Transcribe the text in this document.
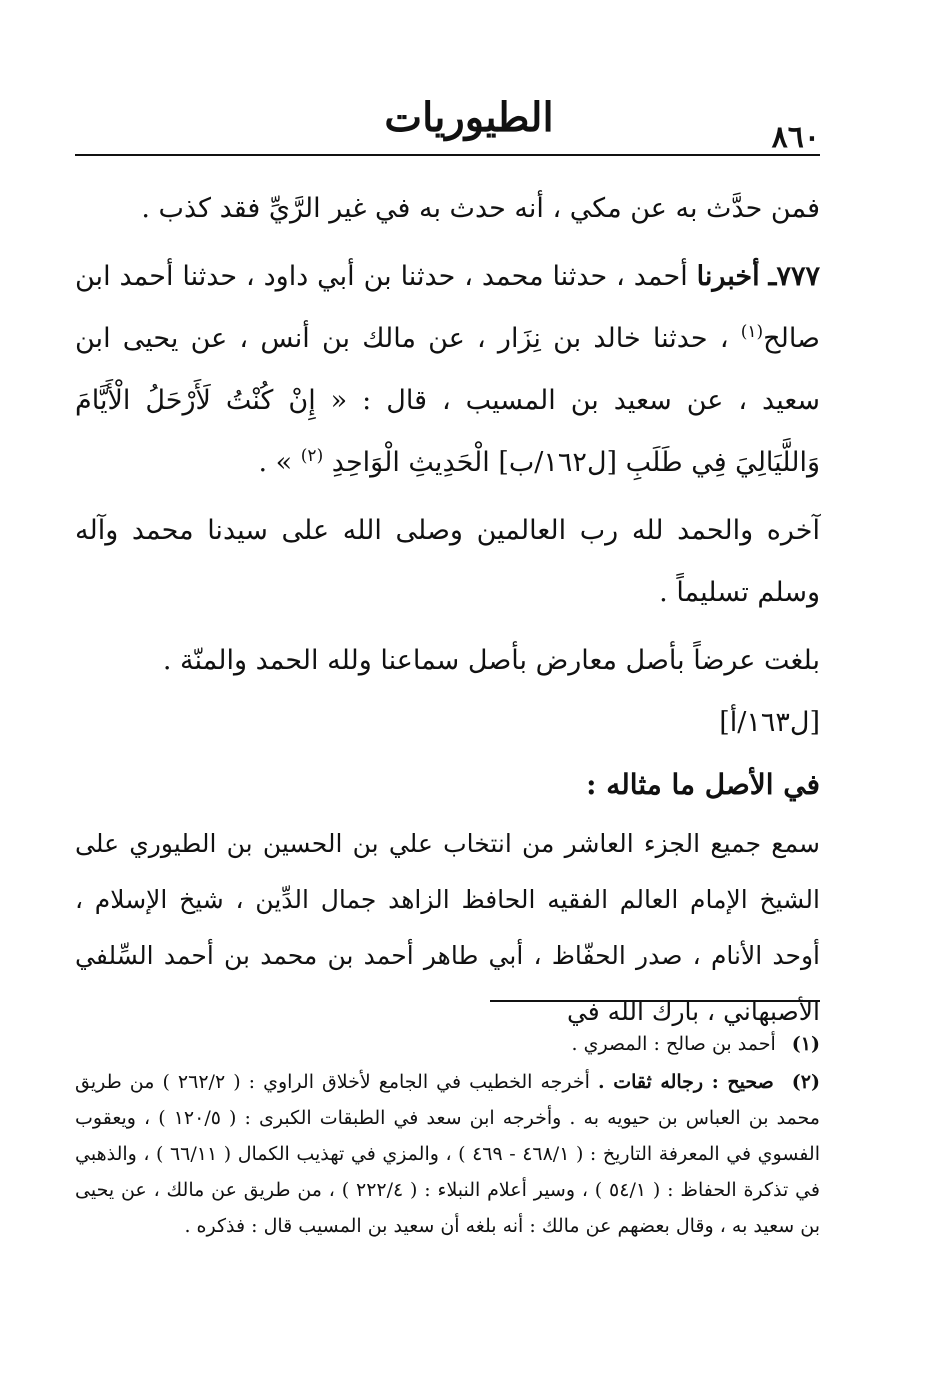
٨٦٠
الطيوريات

فمن حدَّث به عن مكي ، أنه حدث به في غير الرَّيِّ فقد كذب .

٧٧٧ـ أخبرنا أحمد ، حدثنا محمد ، حدثنا بن أبي داود ، حدثنا أحمد ابن صالح$^{(١)}$ ، حدثنا خالد بن نِزَار ، عن مالك بن أنس ، عن يحيى ابن سعيد ، عن سعيد بن المسيب ، قال : « إِنْ كُنْتُ لَأَرْحَلُ الْأَيَّامَ وَاللَّيَالِيَ فِي طَلَبِ [ل١٦٢/ب] الْحَدِيثِ الْوَاحِدِ $^{(٢)}$ » .

آخره والحمد لله رب العالمين وصلى الله على سيدنا محمد وآله وسلم تسليماً .

بلغت عرضاً بأصل معارض بأصل سماعنا ولله الحمد والمنّة .

[ل١٦٣/أ]

في الأصل ما مثاله :

سمع جميع الجزء العاشر من انتخاب علي بن الحسين بن الطيوري على الشيخ الإمام العالم الفقيه الحافظ الزاهد جمال الدِّين ، شيخ الإسلام ، أوحد الأنام ، صدر الحفّاظ ، أبي طاهر أحمد بن محمد بن أحمد السِّلفي الأصبهاني ، بارك الله في

(١) أحمد بن صالح : المصري .

(٢) صحيح : رجاله ثقات . أخرجه الخطيب في الجامع لأخلاق الراوي : ( ٢٦٢/٢ ) من طريق محمد بن العباس بن حيويه به . وأخرجه ابن سعد في الطبقات الكبرى : ( ١٢٠/٥ ) ، ويعقوب الفسوي في المعرفة التاريخ : ( ٤٦٨/١ - ٤٦٩ ) ، والمزي في تهذيب الكمال ( ٦٦/١١ ) ، والذهبي في تذكرة الحفاظ : ( ٥٤/١ ) ، وسير أعلام النبلاء : ( ٢٢٢/٤ ) ، من طريق عن مالك ، عن يحيى بن سعيد به ، وقال بعضهم عن مالك : أنه بلغه أن سعيد بن المسيب قال : فذكره .
